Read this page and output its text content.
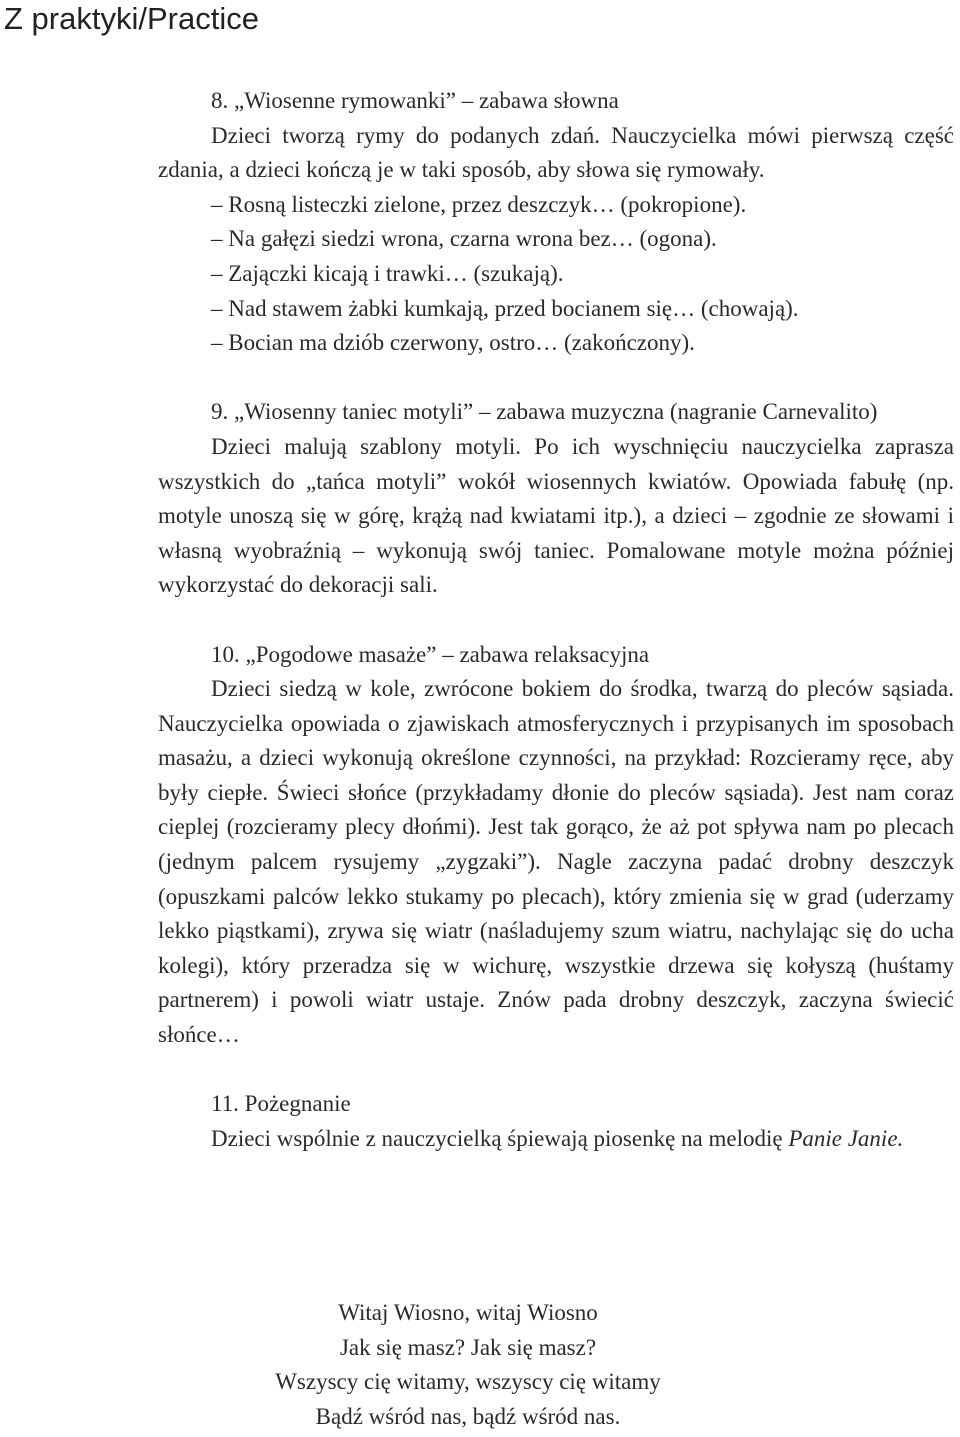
Z praktyki/Practice

8. „Wiosenne rymowanki” – zabawa słowna

Dzieci tworzą rymy do podanych zdań. Nauczycielka mówi pierwszą część zdania, a dzieci kończą je w taki sposób, aby słowa się rymowały.

– Rosną listeczki zielone, przez deszczyk… (pokropione).

– Na gałęzi siedzi wrona, czarna wrona bez… (ogona).

– Zajączki kicają i trawki… (szukają).

– Nad stawem żabki kumkają, przed bocianem się… (chowają).

– Bocian ma dziób czerwony, ostro… (zakończony).

9. „Wiosenny taniec motyli” – zabawa muzyczna (nagranie Carnevalito)

Dzieci malują szablony motyli. Po ich wyschnięciu nauczycielka zaprasza wszystkich do „tańca motyli” wokół wiosennych kwiatów. Opowiada fabułę (np. motyle unoszą się w górę, krążą nad kwiatami itp.), a dzieci – zgodnie ze słowami i własną wyobraźnią – wykonują swój taniec. Pomalowane motyle można później wykorzystać do dekoracji sali.

10. „Pogodowe masaże” – zabawa relaksacyjna

Dzieci siedzą w kole, zwrócone bokiem do środka, twarzą do pleców sąsiada. Nauczycielka opowiada o zjawiskach atmosferycznych i przypisanych im sposobach masażu, a dzieci wykonują określone czynności, na przykład: Rozcieramy ręce, aby były ciepłe. Świeci słońce (przykładamy dłonie do pleców sąsiada). Jest nam coraz cieplej (rozcieramy plecy dłońmi). Jest tak gorąco, że aż pot spływa nam po plecach (jednym palcem rysujemy „zygzaki”). Nagle zaczyna padać drobny deszczyk (opuszkami palców lekko stukamy po plecach), który zmienia się w grad (uderzamy lekko piąstkami), zrywa się wiatr (naśladujemy szum wiatru, nachylając się do ucha kolegi), który przeradza się w wichurę, wszystkie drzewa się kołyszą (huśtamy partnerem) i powoli wiatr ustaje. Znów pada drobny deszczyk, zaczyna świecić słońce…

11. Pożegnanie

Dzieci wspólnie z nauczycielką śpiewają piosenkę na melodię Panie Janie.

Witaj Wiosno, witaj Wiosno
Jak się masz? Jak się masz?
Wszyscy cię witamy, wszyscy cię witamy
Bądź wśród nas, bądź wśród nas.
